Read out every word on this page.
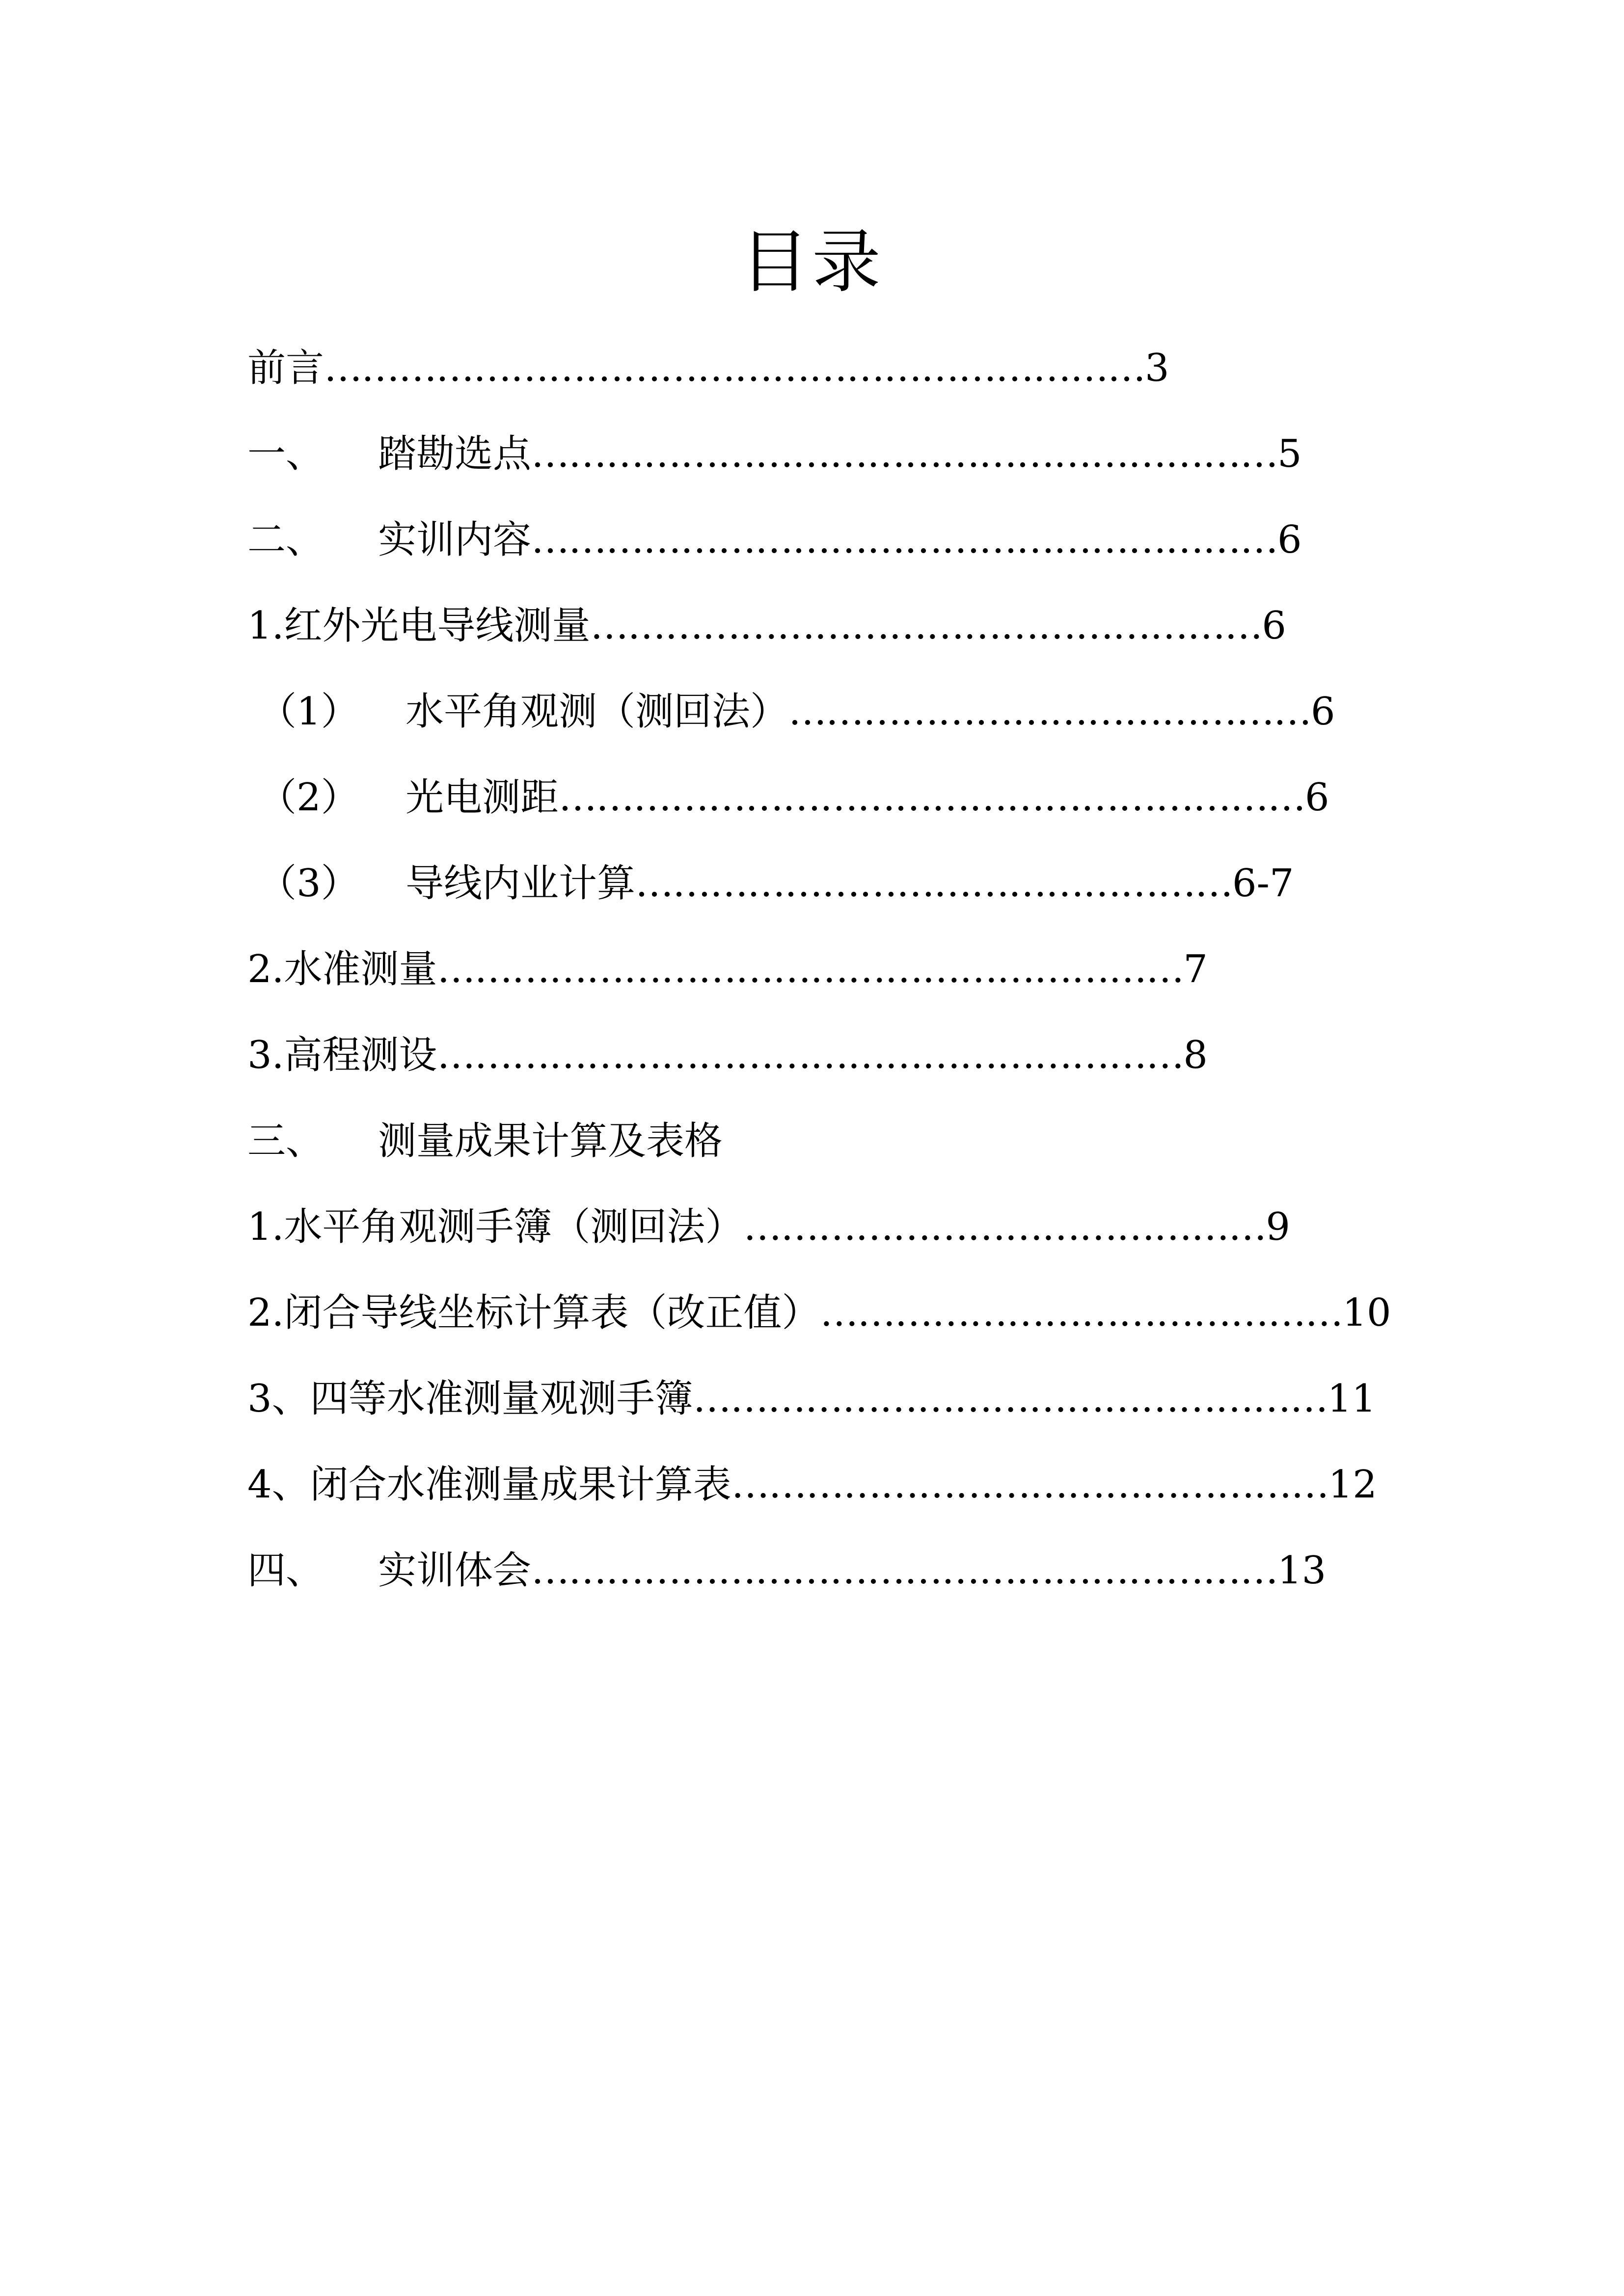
目录
前言…………………………………………………………3
一、 踏勘选点……………………………………………………5
二、 实训内容……………………………………………………6
1.红外光电导线测量………………………………………………6
（1） 水平角观测（测回法）……………………………………6
（2） 光电测距……………………………………………………6
（3） 导线内业计算…………………………………………6-7
2.水准测量……………………………………………………7
3.高程测设……………………………………………………8
三、 测量成果计算及表格
1.水平角观测手簿（测回法）……………………………………9
2.闭合导线坐标计算表（改正值）……………………………………10
3、四等水准测量观测手簿……………………………………………11
4、闭合水准测量成果计算表…………………………………………12
四、 实训体会……………………………………………………13
